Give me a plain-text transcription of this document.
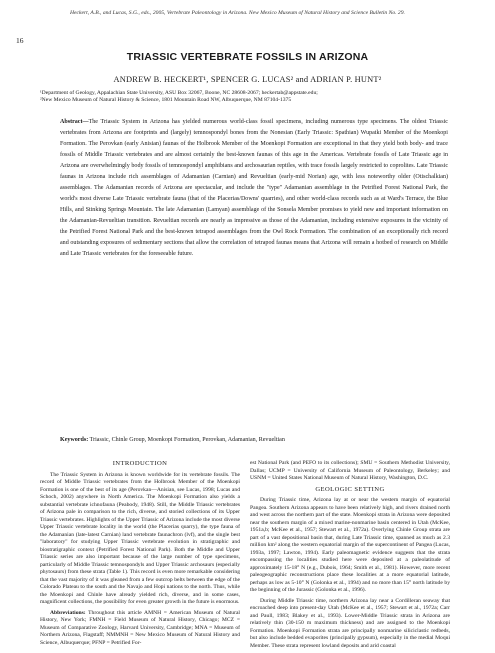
16
Heckert, A.B., and Lucas, S.G., eds., 2005, Vertebrate Paleontology in Arizona. New Mexico Museum of Natural History and Science Bulletin No. 29.
TRIASSIC VERTEBRATE FOSSILS IN ARIZONA
ANDREW B. HECKERT¹, SPENCER G. LUCAS² and ADRIAN P. HUNT²
¹Department of Geology, Appalachian State University, ASU Box 32067, Boone, NC 28608-2067; heckertab@appstate.edu;
²New Mexico Museum of Natural History & Science, 1801 Mountain Road NW, Albuquerque, NM 87104-1375
Abstract—The Triassic System in Arizona has yielded numerous world-class fossil specimens, including numerous type specimens. The oldest Triassic vertebrates from Arizona are footprints and (largely) temnospondyl bones from the Nonesian (Early Triassic: Spathian) Wupatki Member of the Moenkopi Formation. The Perovkan (early Anisian) faunas of the Holbrook Member of the Moenkopi Formation are exceptional in that they yield both body- and trace fossils of Middle Triassic vertebrates and are almost certainly the best-known faunas of this age in the Americas. Vertebrate fossils of Late Triassic age in Arizona are overwhelmingly body fossils of temnospondyl amphibians and archosaurian reptiles, with trace fossils largely restricted to coprolites. Late Triassic faunas in Arizona include rich assemblages of Adamanian (Carnian) and Revueltian (early-mid Norian) age, with less noteworthy older (Otischalkian) assemblages. The Adamanian records of Arizona are spectacular, and include the "type" Adamanian assemblage in the Petrified Forest National Park, the world's most diverse Late Triassic vertebrate fauna (that of the Placerias/Downs' quarries), and other world-class records such as at Ward's Terrace, the Blue Hills, and Stinking Springs Mountain. The late Adamanian (Lamyan) assemblage of the Sonsela Member promises to yield new and important information on the Adamanian-Revueltian transition. Revueltian records are nearly as impressive as those of the Adamanian, including extensive exposures in the vicinity of the Petrified Forest National Park and the best-known tetrapod assemblages from the Owl Rock Formation. The combination of an exceptionally rich record and outstanding exposures of sedimentary sections that allow the correlation of tetrapod faunas means that Arizona will remain a hotbed of research on Middle and Late Triassic vertebrates for the foreseeable future.
Keywords: Triassic, Chinle Group, Moenkopi Formation, Perovkan, Adamanian, Revueltian
INTRODUCTION

The Triassic System in Arizona is known worldwide for its vertebrate fossils. The record of Middle Triassic vertebrates from the Holbrook Member of the Moenkopi Formation is one of the best of its age (Perovkan—Anisian, see Lucas, 1998; Lucas and Schoch, 2002) anywhere in North America. The Moenkopi Formation also yields a substantial vertebrate ichnofauna (Peabody, 1948). Still, the Middle Triassic vertebrates of Arizona pale in comparison to the rich, diverse, and storied collections of its Upper Triassic vertebrates. Highlights of the Upper Triassic of Arizona include the most diverse Upper Triassic vertebrate locality in the world (the Placerias quarry), the type fauna of the Adamanian (late-latest Carnian) land vertebrate faunachron (lvf), and the single best "laboratory" for studying Upper Triassic vertebrate evolution in stratigraphic and biostratigraphic context (Petrified Forest National Park). Both the Middle and Upper Triassic series are also important because of the large number of type specimens, particularly of Middle Triassic temnospondyls and Upper Triassic archosaurs (especially phytosaurs) from these strata (Table 1). This record is even more remarkable considering that the vast majority of it was gleaned from a few outcrop belts between the edge of the Colorado Plateau to the south and the Navajo and Hopi nations to the north. Thus, while the Moenkopi and Chinle have already yielded rich, diverse, and in some cases, magnificent collections, the possibility for even greater growth in the future is enormous.

Abbreviations: Throughout this article AMNH = American Museum of Natural History, New York; FMNH = Field Museum of Natural History, Chicago; MCZ = Museum of Comparative Zoology, Harvard University, Cambridge; MNA = Museum of Northern Arizona, Flagstaff; NMMNH = New Mexico Museum of Natural History and Science, Albuquerque; PFNP = Petrified For-

est National Park (and PEFO to its collections); SMU = Southern Methodist University, Dallas; UCMP = University of California Museum of Paleontology, Berkeley; and USNM = United States National Museum of Natural History, Washington, D.C.

GEOLOGIC SETTING

During Triassic time, Arizona lay at or near the western margin of equatorial Pangea. Southern Arizona appears to have been relatively high, and rivers drained north and west across the northern part of the state. Moenkopi strata in Arizona were deposited near the southern margin of a mixed marine-nonmarine basin centered in Utah (McKee, 1951a,b; McKee et al., 1957; Stewart et al., 1972a). Overlying Chinle Group strata are part of a vast depositional basin that, during Late Triassic time, spanned as much as 2.3 million km² along the western equatorial margin of the supercontinent of Pangea (Lucas, 1993a, 1997; Lawton, 1994). Early paleomagnetic evidence suggests that the strata encompassing the localities studied here were deposited at a paleolatitude of approximately 15-18° N (e.g., Dubois, 1964; Smith et al., 1981). However, more recent paleogeographic reconstructions place these localities at a more equatorial latitude, perhaps as low as 5-10° N (Golonka et al., 1994) and no more than 15° north latitude by the beginning of the Jurassic (Golonka et al., 1996).

During Middle Triassic time, northern Arizona lay near a Cordilleran seaway that encroached deep into present-day Utah (McKee et al., 1957; Stewart et al., 1972a; Carr and Paull, 1983; Blakey et al., 1993). Lower-Middle Triassic strata in Arizona are relatively thin (30-150 m maximum thickness) and are assigned to the Moenkopi Formation. Moenkopi Formation strata are principally nonmarine siliciclastic redbeds, but also include bedded evaporites (principally gypsum), especially in the medial Moqui Member. These strata represent lowland deposits and arid coastal
